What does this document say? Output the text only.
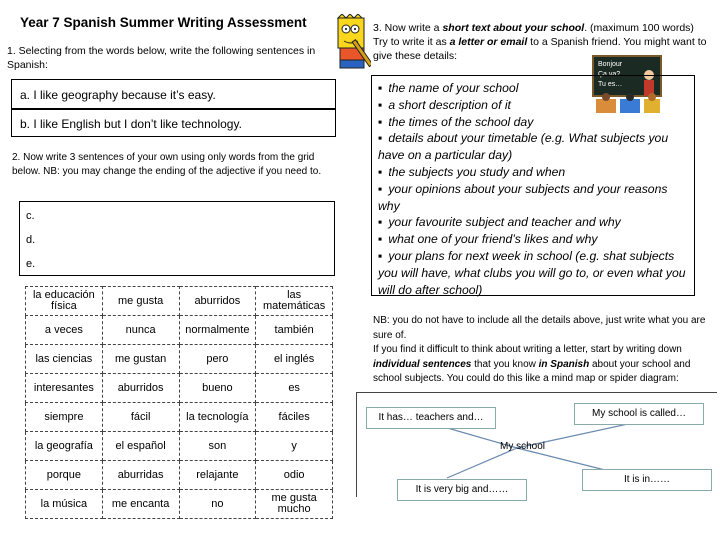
Year 7 Spanish Summer Writing Assessment
1. Selecting from the words below, write the following sentences in Spanish:
a. I like geography because it’s easy.
b. I like English but I don’t like technology.
2. Now write 3 sentences of your own using only words from the grid below. NB: you may change the ending of the adjective if you need to.
c.
d.
e.
la educación física	me gusta	aburridos	las matemáticas
a veces	nunca	normalmente	también
las ciencias	me gustan	pero	el inglés
interesantes	aburridos	bueno	es
siempre	fácil	la tecnología	fáciles
la geografía	el español	son	y
porque	aburridas	relajante	odio
la música	me encanta	no	me gusta mucho
3. Now write a short text about your school. (maximum 100 words) Try to write it as a letter or email to a Spanish friend. You might want to give these details:
Bonjour
Ça va?
Tu es…
▪ the name of your school
▪ a short description of it
▪ the times of the school day
▪ details about your timetable (e.g. What subjects you have on a particular day)
▪ the subjects you study and when
▪ your opinions about your subjects and your reasons why
▪ your favourite subject and teacher and why
▪ what one of your friend’s likes and why
▪ your plans for next week in school (e.g. shat subjects you will have, what clubs you will go to, or even what you will do after school)
NB: you do not have to include all the details above, just write what you are sure of.
If you find it difficult to think about writing a letter, start by writing down individual sentences that you know in Spanish about your school and school subjects. You could do this like a mind map or spider diagram:
It has… teachers and…	My school is called…
My school
It is very big and……
It is in……
